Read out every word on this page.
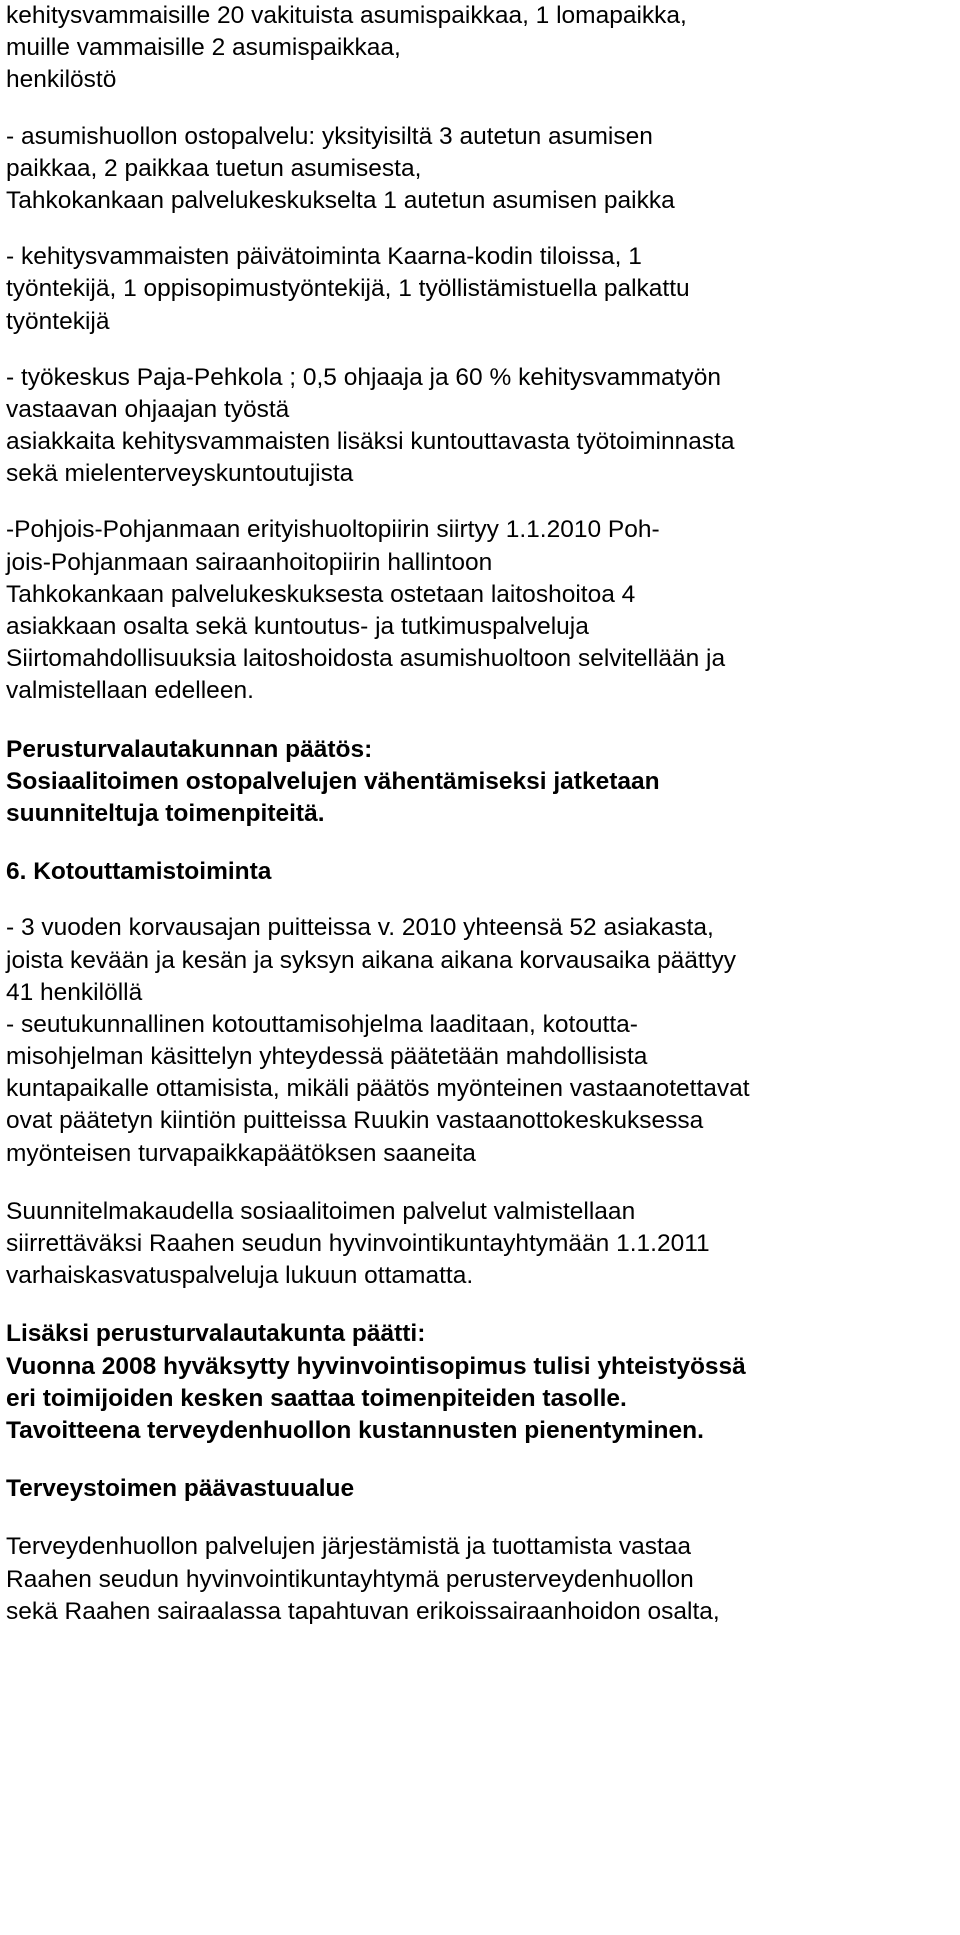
kehitysvammaisille 20 vakituista asumispaikkaa, 1 lomapaikka,
muille vammaisille 2 asumispaikkaa,
henkilöstö
- asumishuollon ostopalvelu: yksityisiltä 3 autetun asumisen
paikkaa, 2 paikkaa tuetun asumisesta,
Tahkokankaan palvelukeskukselta 1 autetun asumisen paikka
- kehitysvammaisten päivätoiminta Kaarna-kodin tiloissa, 1
työntekijä, 1 oppisopimustyöntekijä, 1 työllistämistuella palkattu
työntekijä
- työkeskus Paja-Pehkola ; 0,5 ohjaaja ja 60 % kehitysvammatyön
vastaavan ohjaajan työstä
asiakkaita kehitysvammaisten lisäksi kuntouttavasta työtoiminnasta
sekä mielenterveyskuntoutujista
-Pohjois-Pohjanmaan erityishuoltopiirin siirtyy 1.1.2010 Poh-
jois-Pohjanmaan sairaanhoitopiirin hallintoon
Tahkokankaan palvelukeskuksesta ostetaan laitoshoitoa 4
asiakkaan osalta sekä kuntoutus- ja tutkimuspalveluja
Siirtomahdollisuuksia laitoshoidosta asumishuoltoon selvitellään ja
valmistellaan edelleen.
Perusturvalautakunnan päätös:
Sosiaalitoimen ostopalvelujen vähentämiseksi jatketaan
suunniteltuja toimenpiteitä.
6. Kotouttamistoiminta
- 3 vuoden korvausajan puitteissa v. 2010 yhteensä 52 asiakasta,
joista kevään ja kesän ja syksyn aikana aikana korvausaika päättyy
41 henkilöllä
- seutukunnallinen kotouttamisohjelma laaditaan, kotoutta-
misohjelman käsittelyn yhteydessä päätetään mahdollisista
kuntapaikalle ottamisista, mikäli päätös myönteinen vastaanotettavat
ovat päätetyn kiintiön puitteissa Ruukin vastaanottokeskuksessa
myönteisen turvapaikkapäätöksen saaneita
Suunnitelmakaudella sosiaalitoimen palvelut valmistellaan
siirrettäväksi Raahen seudun hyvinvointikuntayhtymään 1.1.2011
varhaiskasvatuspalveluja lukuun ottamatta.
Lisäksi perusturvalautakunta päätti:
Vuonna 2008 hyväksytty hyvinvointisopimus tulisi yhteistyössä
eri toimijoiden kesken saattaa toimenpiteiden tasolle.
Tavoitteena terveydenhuollon kustannusten pienentyminen.
Terveystoimen päävastuualue
Terveydenhuollon palvelujen järjestämistä ja tuottamista vastaa
Raahen seudun hyvinvointikuntayhtymä perusterveydenhuollon
sekä Raahen sairaalassa tapahtuvan erikoissairaanhoidon osalta,
